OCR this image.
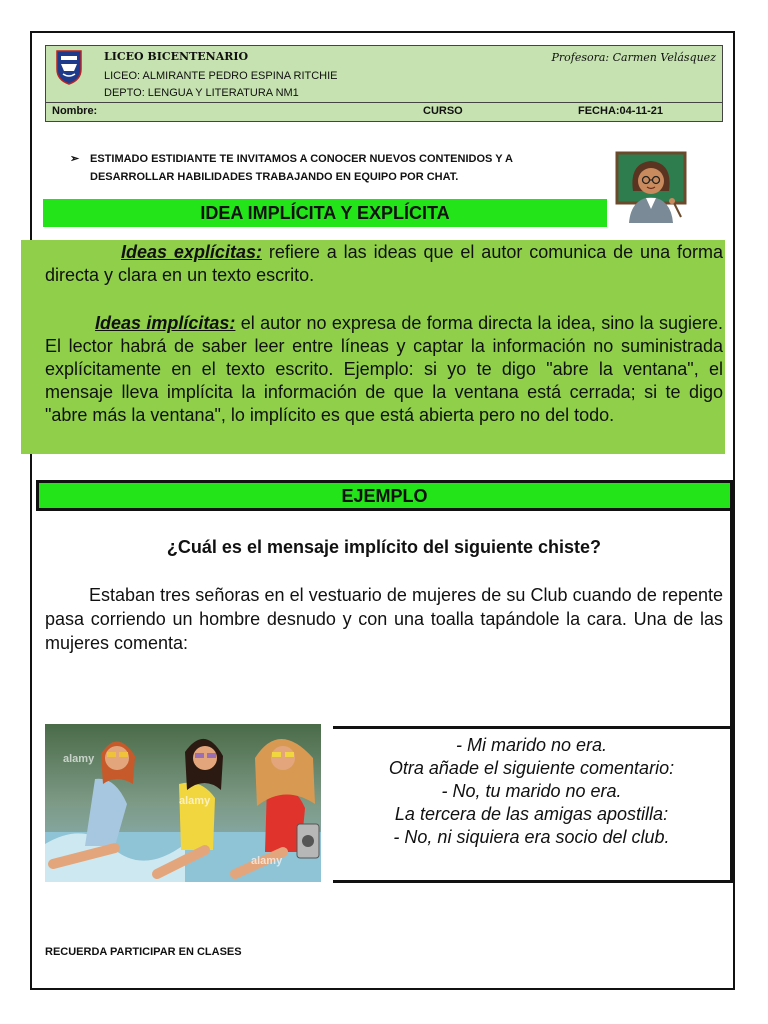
LICEO BICENTENARIO
LICEO: ALMIRANTE PEDRO ESPINA RITCHIE
DEPTO: LENGUA Y LITERATURA NM1
Profesora: Carmen Velásquez
Nombre:	CURSO	FECHA:04-11-21
➢ ESTIMADO ESTIDIANTE TE INVITAMOS A CONOCER NUEVOS CONTENIDOS Y A DESARROLLAR HABILIDADES TRABAJANDO EN EQUIPO POR CHAT.
IDEA IMPLÍCITA Y EXPLÍCITA
Ideas explícitas: refiere a las ideas que el autor comunica de una forma directa y clara en un texto escrito.
Ideas implícitas: el autor no expresa de forma directa la idea, sino la sugiere. El lector habrá de saber leer entre líneas y captar la información no suministrada explícitamente en el texto escrito. Ejemplo: si yo te digo "abre la ventana", el mensaje lleva implícita la información de que la ventana está cerrada; si te digo "abre más la ventana", lo implícito es que está abierta pero no del todo.
EJEMPLO
¿Cuál es el mensaje implícito del siguiente chiste?
Estaban tres señoras en el vestuario de mujeres de su Club cuando de repente pasa corriendo un hombre desnudo y con una toalla tapándole la cara. Una de las mujeres comenta:
alamy
alamy
alamy
- Mi marido no era.
Otra añade el siguiente comentario:
- No, tu marido no era.
La tercera de las amigas apostilla:
- No, ni siquiera era socio del club.
RECUERDA PARTICIPAR EN CLASES
